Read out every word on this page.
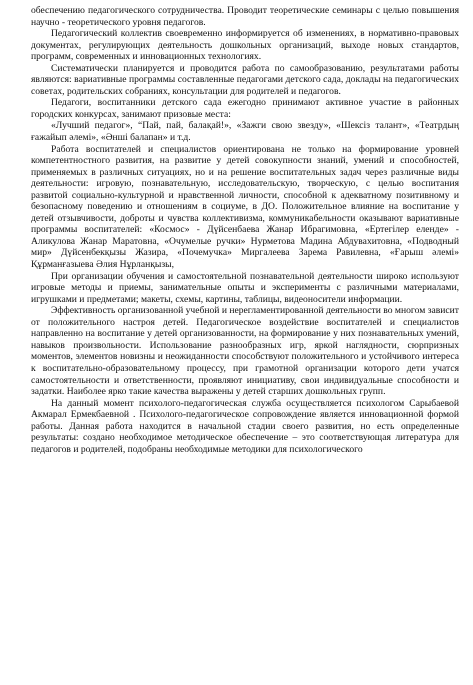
обеспечению педагогического сотрудничества. Проводит теоретические семинары с целью повышения научно - теоретического уровня педагогов.

Педагогический коллектив своевременно информируется об изменениях, в нормативно-правовых документах, регулирующих деятельность дошкольных организаций, выходе новых стандартов, программ, современных и инновационных технологиях.

Систематически планируется и проводится работа по самообразованию, результатами работы являются: вариативные программы составленные педагогами детского сада, доклады на педагогических советах, родительских собраниях, консультации для родителей и педагогов.

Педагоги, воспитанники детского сада ежегодно принимают активное участие в районных городских конкурсах, занимают призовые места:

«Лучший педагог», “Пай, пай, балақай!», «Зажги свою звезду», «Шексіз талант», «Театрдың ғажайып әлемі», «Әнші балапан» и т.д.

Работа воспитателей и специалистов ориентирована не только на формирование уровней компетентностного развития, на развитие у детей совокупности знаний, умений и способностей, применяемых в различных ситуациях, но и на решение воспитательных задач через различные виды деятельности: игровую, познавательную, исследовательскую, творческую, с целью воспитания развитой социально-культурной и нравственной личности, способной к адекватному позитивному и безопасному поведению и отношениям в социуме, в ДО. Положительное влияние на воспитание у детей отзывчивости, доброты и чувства коллективизма, коммуникабельности оказывают вариативные программы воспитателей: «Космос» - Дүйсенбаева Жанар Ибрагимовна, «Ертегілер еленде» - Аликулова Жанар Маратовна, «Очумелые ручки» Нурметова Мадина Абдувахитовна, «Подводный мир» Дүйсенбекқызы Жазира, «Почемучка» Миргалеева Зарема Равилевна, «Ғарыш әлемі» Құрманғазыева Әлия Нұрланқызы,

При организации обучения и самостоятельной познавательной деятельности широко используют игровые методы и приемы, занимательные опыты и эксперименты с различными материалами, игрушками и предметами; макеты, схемы, картины, таблицы, видеоносители информации.

Эффективность организованной учебной и нерегламентированной деятельности во многом зависит от положительного настроя детей. Педагогическое воздействие воспитателей и специалистов направленно на воспитание у детей организованности, на формирование у них познавательных умений, навыков произвольности. Использование разнообразных игр, яркой наглядности, сюрпризных моментов, элементов новизны и неожиданности способствуют положительного и устойчивого интереса к воспитательно-образовательному процессу, при грамотной организации которого дети учатся самостоятельности и ответственности, проявляют инициативу, свои индивидуальные способности и задатки. Наиболее ярко такие качества выражены у детей старших дошкольных групп.

На данный момент психолого-педагогическая служба осуществляется психологом Сарыбаевой Акмарал Ермекбаевной . Психолого-педагогическое сопровождение является инновационной формой работы. Данная работа находится в начальной стадии своего развития, но есть определенные результаты: создано необходимое методическое обеспечение – это соответствующая литература для педагогов и родителей, подобраны необходимые методики для психологического
